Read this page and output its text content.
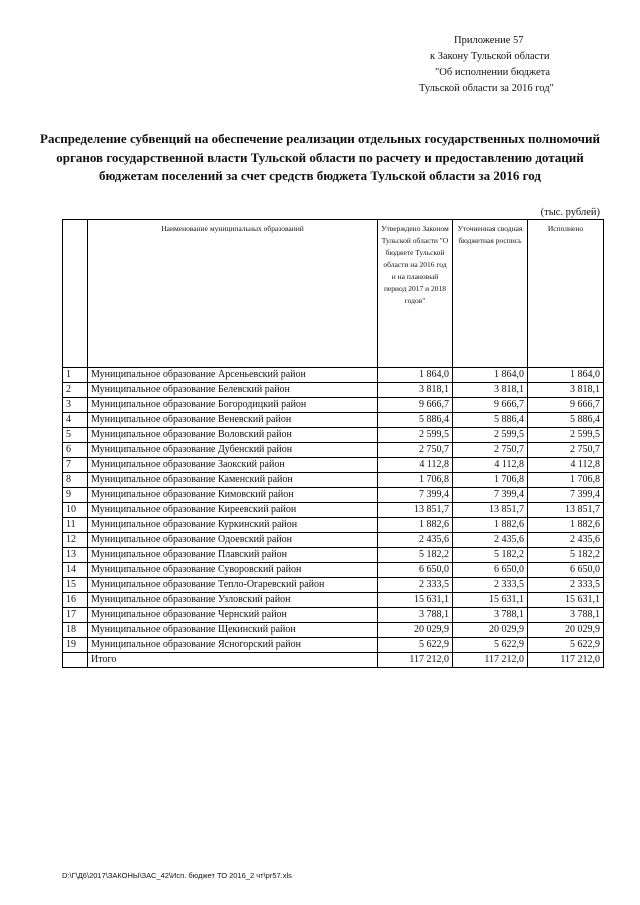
Приложение 57
к Закону Тульской области
"Об исполнении бюджета
Тульской области за 2016 год"
Распределение субвенций на обеспечение реализации отдельных государственных полномочий органов государственной власти Тульской области по расчету и предоставлению дотаций бюджетам поселений за счет средств бюджета Тульской области за 2016 год
(тыс. рублей)
	Наименование муниципальных образований	Утверждено Законом Тульской области "О бюджете Тульской области на 2016 год и на плановый период 2017 и 2018 годов"	Уточненная сводная бюджетная роспись	Исполнено
1	Муниципальное образование Арсеньевский район	1 864,0	1 864,0	1 864,0
2	Муниципальное образование Белевский район	3 818,1	3 818,1	3 818,1
3	Муниципальное образование Богородицкий район	9 666,7	9 666,7	9 666,7
4	Муниципальное образование Веневский район	5 886,4	5 886,4	5 886,4
5	Муниципальное образование Воловский район	2 599,5	2 599,5	2 599,5
6	Муниципальное образование Дубенский район	2 750,7	2 750,7	2 750,7
7	Муниципальное образование Заокский район	4 112,8	4 112,8	4 112,8
8	Муниципальное образование Каменский район	1 706,8	1 706,8	1 706,8
9	Муниципальное образование Кимовский район	7 399,4	7 399,4	7 399,4
10	Муниципальное образование Киреевский район	13 851,7	13 851,7	13 851,7
11	Муниципальное образование Куркинский район	1 882,6	1 882,6	1 882,6
12	Муниципальное образование Одоевский район	2 435,6	2 435,6	2 435,6
13	Муниципальное образование Плавский район	5 182,2	5 182,2	5 182,2
14	Муниципальное образование Суворовский район	6 650,0	6 650,0	6 650,0
15	Муниципальное образование Тепло-Огаревский район	2 333,5	2 333,5	2 333,5
16	Муниципальное образование Узловский район	15 631,1	15 631,1	15 631,1
17	Муниципальное образование Чернский район	3 788,1	3 788,1	3 788,1
18	Муниципальное образование Щекинский район	20 029,9	20 029,9	20 029,9
19	Муниципальное образование Ясногорский район	5 622,9	5 622,9	5 622,9
	Итого	117 212,0	117 212,0	117 212,0
D:\Г\Д6\2017\ЗАКОНЫ\ЗАС_42\Исп. бюджет ТО 2016_2 чт\pr57.xls
